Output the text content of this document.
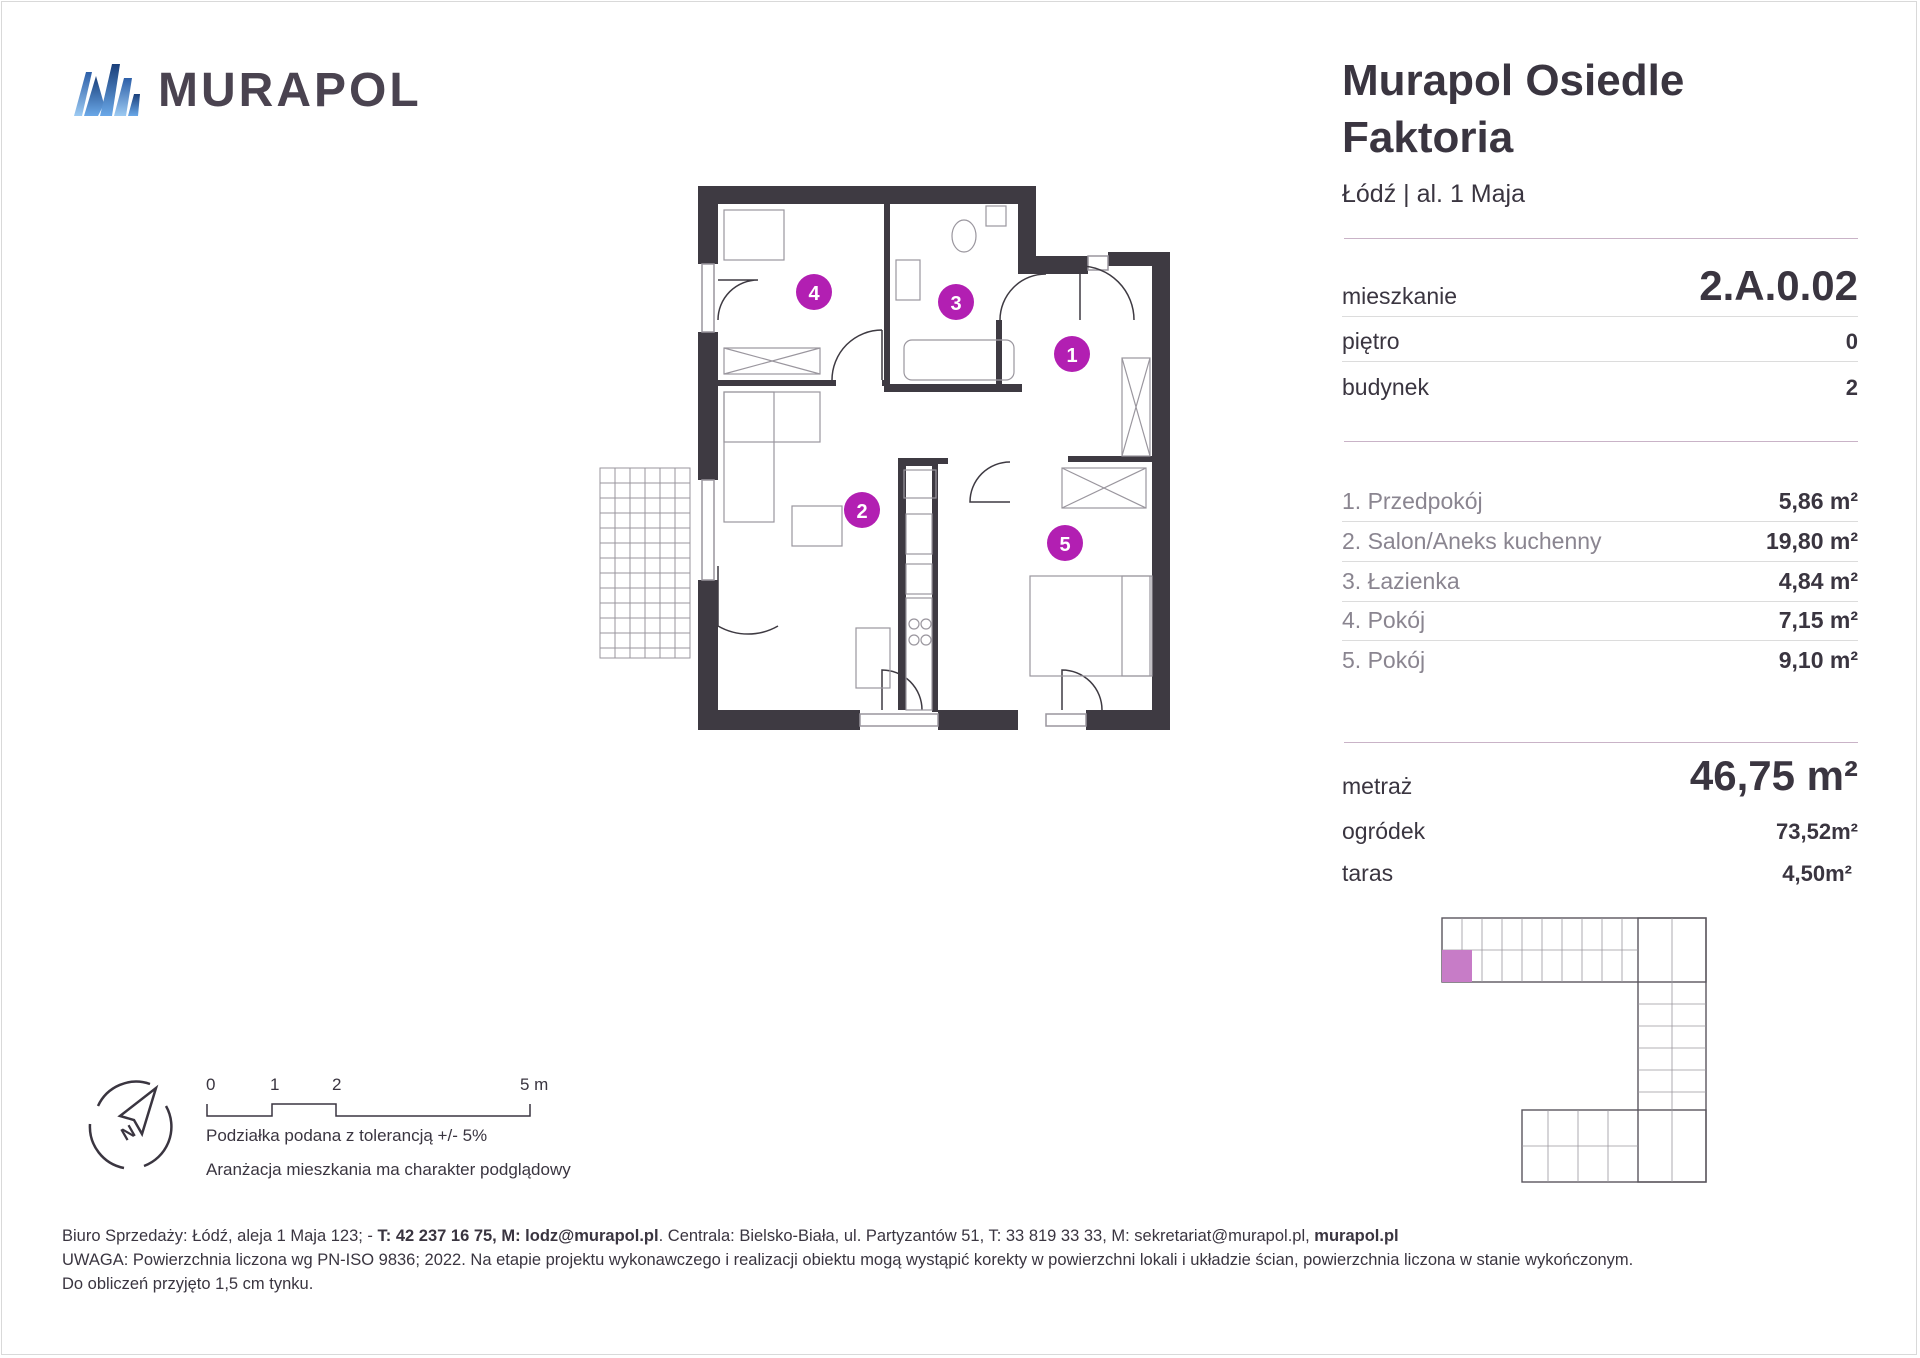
MURAPOL	Murapol Osiedle
Faktoria
Łódź | al. 1 Maja
mieszkanie	2.A.0.02
piętro	0
budynek	2
1. Przedpokój	5,86 m²
2. Salon/Aneks kuchenny	19,80 m²
3. Łazienka	4,84 m²
4. Pokój	7,15 m²
5. Pokój	9,10 m²
metraż	46,75 m²
ogródek	73,52m²
taras	4,50m²
1
2
3
4
5
N
0	1	2	5 m
Podziałka podana z tolerancją +/- 5%
Aranżacja mieszkania ma charakter podglądowy
Biuro Sprzedaży: Łódź, aleja 1 Maja 123; - T: 42 237 16 75, M: lodz@murapol.pl. Centrala: Bielsko-Biała, ul. Partyzantów 51, T: 33 819 33 33, M: sekretariat@murapol.pl, murapol.pl
UWAGA: Powierzchnia liczona wg PN-ISO 9836; 2022. Na etapie projektu wykonawczego i realizacji obiektu mogą wystąpić korekty w powierzchni lokali i układzie ścian, powierzchnia liczona w stanie wykończonym.
Do obliczeń przyjęto 1,5 cm tynku.
